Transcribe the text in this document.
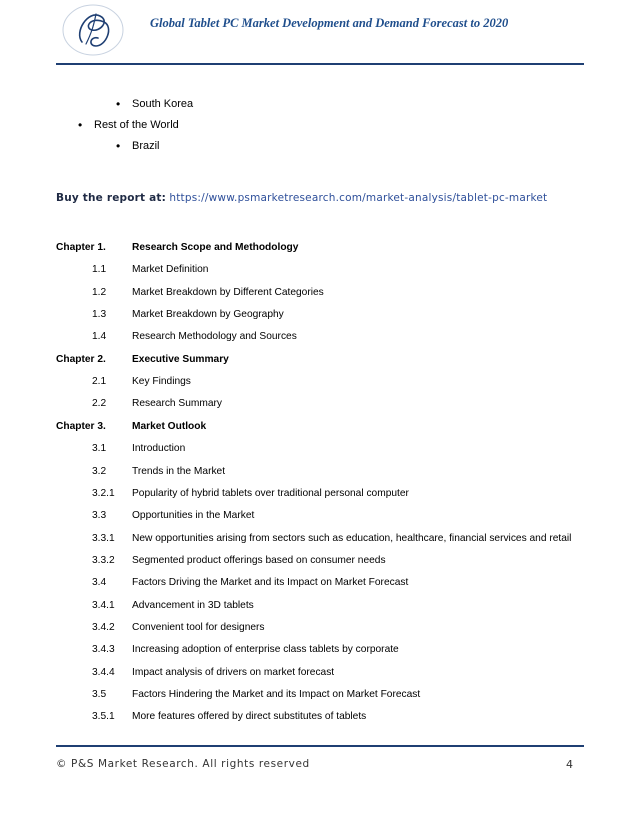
Global Tablet PC Market Development and Demand Forecast to 2020
• South Korea
• Rest of the World
• Brazil
Buy the report at: https://www.psmarketresearch.com/market-analysis/tablet-pc-market
Chapter 1.	Research Scope and Methodology
1.1	Market Definition
1.2	Market Breakdown by Different Categories
1.3	Market Breakdown by Geography
1.4	Research Methodology and Sources
Chapter 2.	Executive Summary
2.1	Key Findings
2.2	Research Summary
Chapter 3.	Market Outlook
3.1	Introduction
3.2	Trends in the Market
3.2.1 Popularity of hybrid tablets over traditional personal computer
3.3	Opportunities in the Market
3.3.1 New opportunities arising from sectors such as education, healthcare, financial services and retail
3.3.2 Segmented product offerings based on consumer needs
3.4	Factors Driving the Market and its Impact on Market Forecast
3.4.1 Advancement in 3D tablets
3.4.2 Convenient tool for designers
3.4.3 Increasing adoption of enterprise class tablets by corporate
3.4.4 Impact analysis of drivers on market forecast
3.5	Factors Hindering the Market and its Impact on Market Forecast
3.5.1 More features offered by direct substitutes of tablets
© P&S Market Research. All rights reserved	4
